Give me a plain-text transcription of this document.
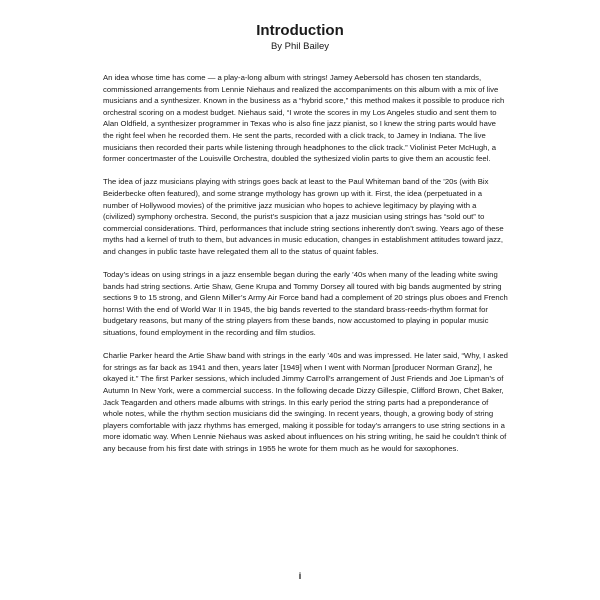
Introduction
By Phil Bailey

An idea whose time has come — a play-a-long album with strings! Jamey Aebersold has chosen ten standards, commissioned arrangements from Lennie Niehaus and realized the accompaniments on this album with a mix of live musicians and a synthesizer. Known in the business as a “hybrid score,” this method makes it possible to produce rich orchestral scoring on a modest budget. Niehaus said, “I wrote the scores in my Los Angeles studio and sent them to Alan Oldfield, a synthesizer programmer in Texas who is also fine jazz pianist, so I knew the string parts would have the right feel when he recorded them. He sent the parts, recorded with a click track, to Jamey in Indiana. The live musicians then recorded their parts while listening through headphones to the click track.” Violinist Peter McHugh, a former concertmaster of the Louisville Orchestra, doubled the sythesized violin parts to give them an acoustic feel.

The idea of jazz musicians playing with strings goes back at least to the Paul Whiteman band of the ’20s (with Bix Beiderbecke often featured), and some strange mythology has grown up with it. First, the idea (perpetuated in a number of Hollywood movies) of the primitive jazz musician who hopes to achieve legitimacy by playing with a (civilized) symphony orchestra. Second, the purist’s suspicion that a jazz musician using strings has “sold out” to commercial considerations. Third, performances that include string sections inherently don’t swing. Years ago of these myths had a kernel of truth to them, but advances in music education, changes in establishment attitudes toward jazz, and changes in public taste have relegated them all to the status of quaint fables.

Today’s ideas on using strings in a jazz ensemble began during the early ’40s when many of the leading white swing bands had string sections. Artie Shaw, Gene Krupa and Tommy Dorsey all toured with big bands augmented by string sections 9 to 15 strong, and Glenn Miller’s Army Air Force band had a complement of 20 strings plus oboes and French horns! With the end of World War II in 1945, the big bands reverted to the standard brass-reeds-rhythm format for budgetary reasons, but many of the string players from these bands, now accustomed to playing in popular music situations, found employment in the recording and film studios.

Charlie Parker heard the Artie Shaw band with strings in the early ’40s and was impressed. He later said, “Why, I asked for strings as far back as 1941 and then, years later [1949] when I went with Norman [producer Norman Granz], he okayed it.” The first Parker sessions, which included Jimmy Carroll’s arrangement of Just Friends and Joe Lipman’s of Autumn In New York, were a commercial success. In the following decade Dizzy Gillespie, Clifford Brown, Chet Baker, Jack Teagarden and others made albums with strings. In this early period the string parts had a preponderance of whole notes, while the rhythm section musicians did the swinging. In recent years, though, a growing body of string players comfortable with jazz rhythms has emerged, making it possible for today’s arrangers to use string sections in a more idomatic way. When Lennie Niehaus was asked about influences on his string writing, he said he couldn’t think of any because from his first date with strings in 1955 he wrote for them much as he would for saxophones.

i
